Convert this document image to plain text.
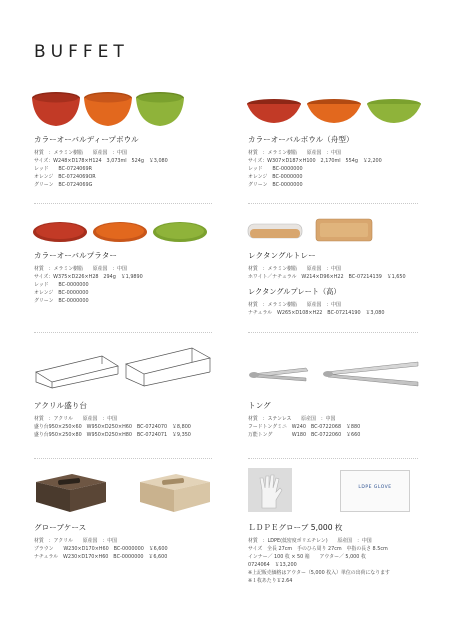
BUFFET
カラーオーバルディープボウル
材質　：メラミン樹脂　　原産国　：中国
サイズ：W248×D178×H124　3,073ml　524g　￥3,080
レッド　　BC-0724069R
オレンジ　BC-0724069OR
グリーン　BC-0724069G
カラーオーバルボウル（舟型）
材質　：メラミン樹脂　　原産国　：中国
サイズ：W307×D187×H100　2,170ml　554g　￥2,200
レッド　　BC-0000000
オレンジ　BC-0000000
グリーン　BC-0000000
カラーオーバルプラター
材質　：メラミン樹脂　　原産国　：中国
サイズ：W375×D226×H28　294g　￥1,9890
レッド　　BC-0000000
オレンジ　BC-0000000
グリーン　BC-0000000
レクタングルトレー
材質　：メラミン樹脂　　原産国　：中国
ホワイト／ナチュラル　W214×D96×H22　BC-07214139　￥1,650
レクタングルプレート（高）
材質　：メラミン樹脂　　原産国　：中国
ナチュラル　W265×D108×H22　BC-07214190　￥3,080
アクリル盛り台
材質　：アクリル　　原産国　：中国
盛り台950×250×60　W950×D250×H60　BC-0724070　￥8,800
盛り台950×250×80　W950×D250×H80　BC-0724071　￥9,350
トング
材質　：ステンレス　　原産国　：中国
フードトングミニ　W240　BC-0722068　￥880
万能トング　　　　W180　BC-0722060　￥660
LDPE GLOVE
グローブケース
材質　：アクリル　　原産国　：中国
ブラウン　　W230×D170×H60　BC-0000000　￥6,600
ナチュラル　W230×D170×H60　BC-0000000　￥6,600
ＬＤＰＥグローブ 5,000 枚
材質　：LDPE(低密度ポリエチレン)　　原産国　：中国
サイズ　全長 27cm　手のひら周り 27cm　中指の長さ 8.5cm
インナー／ 100 枚 × 50 箱　　アウター／ 5,000 枚
0724064　￥13,200
※上記販売価格はアウター（5,000 枚入）単位の出荷になります
※１枚あたり￥2.64
